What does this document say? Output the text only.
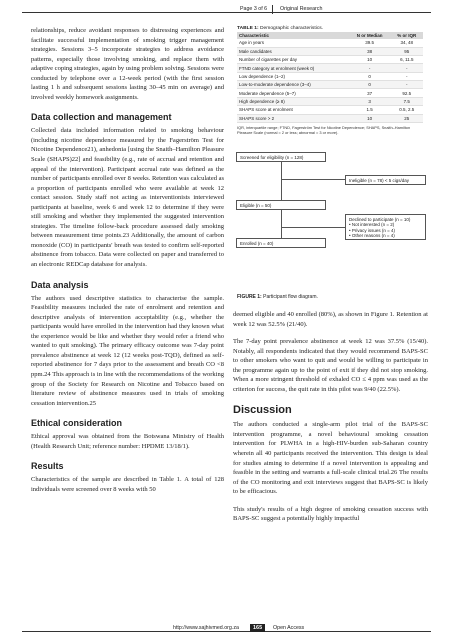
Page 3 of 6 Original Research

relationships, reduce avoidant responses to distressing experiences and facilitate successful implementation of smoking trigger management strategies. Sessions 3–5 incorporate strategies to address avoidance patterns, especially those involving smoking, and replace them with adaptive coping strategies, again by using problem solving. Sessions were conducted by telephone over a 12-week period (with the first session lasting 1 h and subsequent sessions lasting 30–45 min on average) and involved weekly homework assignments.

Data collection and management

Collected data included information related to smoking behaviour (including nicotine dependence measured by the Fagerström Test for Nicotine Dependence21), anhedonia [using the Snaith–Hamilton Pleasure Scale (SHAPS)22] and feasibility (e.g., rate of accrual and retention and appeal of the intervention). Participant accrual rate was defined as the number of participants enrolled over 8 weeks. Retention was calculated as a proportion of participants enrolled who were available at week 12 contact session. Study staff not acting as interventionists interviewed participants at baseline, week 6 and week 12 to determine if they were still smoking and whether they implemented the suggested intervention strategies. The timeline follow-back procedure assessed daily smoking between measurement time points.23 Additionally, the amount of carbon monoxide (CO) in participants' breath was tested to confirm self-reported abstinence from tobacco. Data were collected on paper and transferred to an electronic REDCap database for analysis.

Data analysis

The authors used descriptive statistics to characterise the sample. Feasibility measures included the rate of enrolment and retention and descriptive analysis of intervention acceptability (e.g., whether the participants would have enrolled in the intervention had they known what the experience would be like and whether they would refer a friend who wanted to quit smoking). The primary efficacy outcome was 7-day point prevalence abstinence at week 12 (12 weeks post-TQD), defined as self-reported abstinence for 7 days prior to the assessment and breath CO <8 ppm.24 This approach is in line with the recommendations of the working group of the Society for Research on Nicotine and Tobacco based on literature review of abstinence measures used in trials of smoking cessation intervention.25

Ethical consideration

Ethical approval was obtained from the Botswana Ministry of Health (Health Research Unit; reference number: HPDME 13/18/1).

Results

Characteristics of the sample are described in Table 1. A total of 128 individuals were screened over 8 weeks with 50

TABLE 1: Demographic characteristics.
Characteristic	N or Median	% or IQR
Age in years	39.5	34, 48
Male candidates	38	95
Number of cigarettes per day	10	6, 11.5
FTND category at enrolment (week 0)	-	-
Low dependence (1–2)	0	-
Low-to-moderate dependence (3–4)	0	-
Moderate dependence (5–7)	37	92.5
High dependence (≥ 8)	3	7.5
SHAPS score at enrolment	1.5	0.5, 2.5
SHAPS score > 2	10	25
IQR, interquartile range; FTND, Fagerström Test for Nicotine Dependence; SHAPS, Snaith–Hamilton Pleasure Scale (normal = 2 or less; abnormal = 3 or more).
Screened for eligibility (n = 128)
Ineligible (n = 78) < 5 cigs/day
Eligible (n = 50)
Declined to participate (n = 10)
• Not interested (n = 2)
• Privacy issues (n = 4)
• Other reasons (n = 4)
Enrolled (n = 40)
FIGURE 1: Participant flow diagram.

deemed eligible and 40 enrolled (80%), as shown in Figure 1. Retention at week 12 was 52.5% (21/40).

The 7-day point prevalence abstinence at week 12 was 37.5% (15/40). Notably, all respondents indicated that they would recommend BAPS-SC to other smokers who want to quit and would be willing to participate in the programme again up to the point of exit if they did not stop smoking. When a more stringent threshold of exhaled CO ≤ 4 ppm was used as the criterion for success, the quit rate in this pilot was 9/40 (22.5%).

Discussion

The authors conducted a single-arm pilot trial of the BAPS-SC intervention programme, a novel behavioural smoking cessation intervention for PLWHA in a high-HIV-burden sub-Saharan country wherein all 40 participants received the intervention. This design is ideal for studies aiming to determine if a novel intervention is appealing and feasible in the setting and warrants a full-scale clinical trial.26 The results of the CO monitoring and exit interviews suggest that BAPS-SC is likely to be efficacious.

This study's results of a high degree of smoking cessation success with BAPS-SC suggest a potentially highly impactful

http://www.sajhivmed.org.za	165	Open Access
